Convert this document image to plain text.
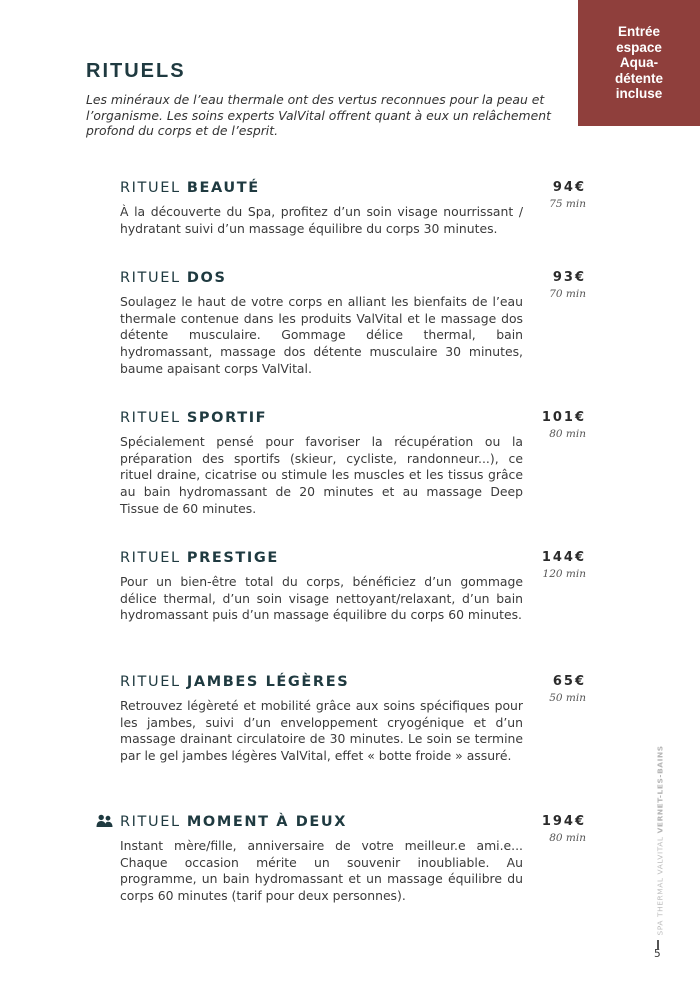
Entrée
espace
Aqua-
détente
incluse
RITUELS
Les minéraux de l’eau thermale ont des vertus reconnues pour la peau et l’organisme. Les soins experts ValVital offrent quant à eux un relâchement profond du corps et de l’esprit.
RITUEL BEAUTÉ
À la découverte du Spa, profitez d’un soin visage nourrissant / hydratant suivi d’un massage équilibre du corps 30 minutes.
94€
75 min
RITUEL DOS
Soulagez le haut de votre corps en alliant les bienfaits de l’eau thermale contenue dans les produits ValVital et le massage dos détente musculaire. Gommage délice thermal, bain hydromassant, massage dos détente musculaire 30 minutes, baume apaisant corps ValVital.
93€
70 min
RITUEL SPORTIF
Spécialement pensé pour favoriser la récupération ou la préparation des sportifs (skieur, cycliste, randonneur...), ce rituel draine, cicatrise ou stimule les muscles et les tissus grâce au bain hydromassant de 20 minutes et au massage Deep Tissue de 60 minutes.
101€
80 min
RITUEL PRESTIGE
Pour un bien-être total du corps, bénéficiez d’un gommage délice thermal, d’un soin visage nettoyant/relaxant, d’un bain hydromassant puis d’un massage équilibre du corps 60 minutes.
144€
120 min
RITUEL JAMBES LÉGÈRES
Retrouvez légèreté et mobilité grâce aux soins spécifiques pour les jambes, suivi d’un enveloppement cryogénique et d’un massage drainant circulatoire de 30 minutes. Le soin se termine par le gel jambes légères ValVital, effet « botte froide » assuré.
65€
50 min
RITUEL MOMENT À DEUX
Instant mère/fille, anniversaire de votre meilleur.e ami.e... Chaque occasion mérite un souvenir inoubliable. Au programme, un bain hydromassant et un massage équilibre du corps 60 minutes (tarif pour deux personnes).
194€
80 min	SPA THERMAL VALVITAL VERNET-LES-BAINS
5
